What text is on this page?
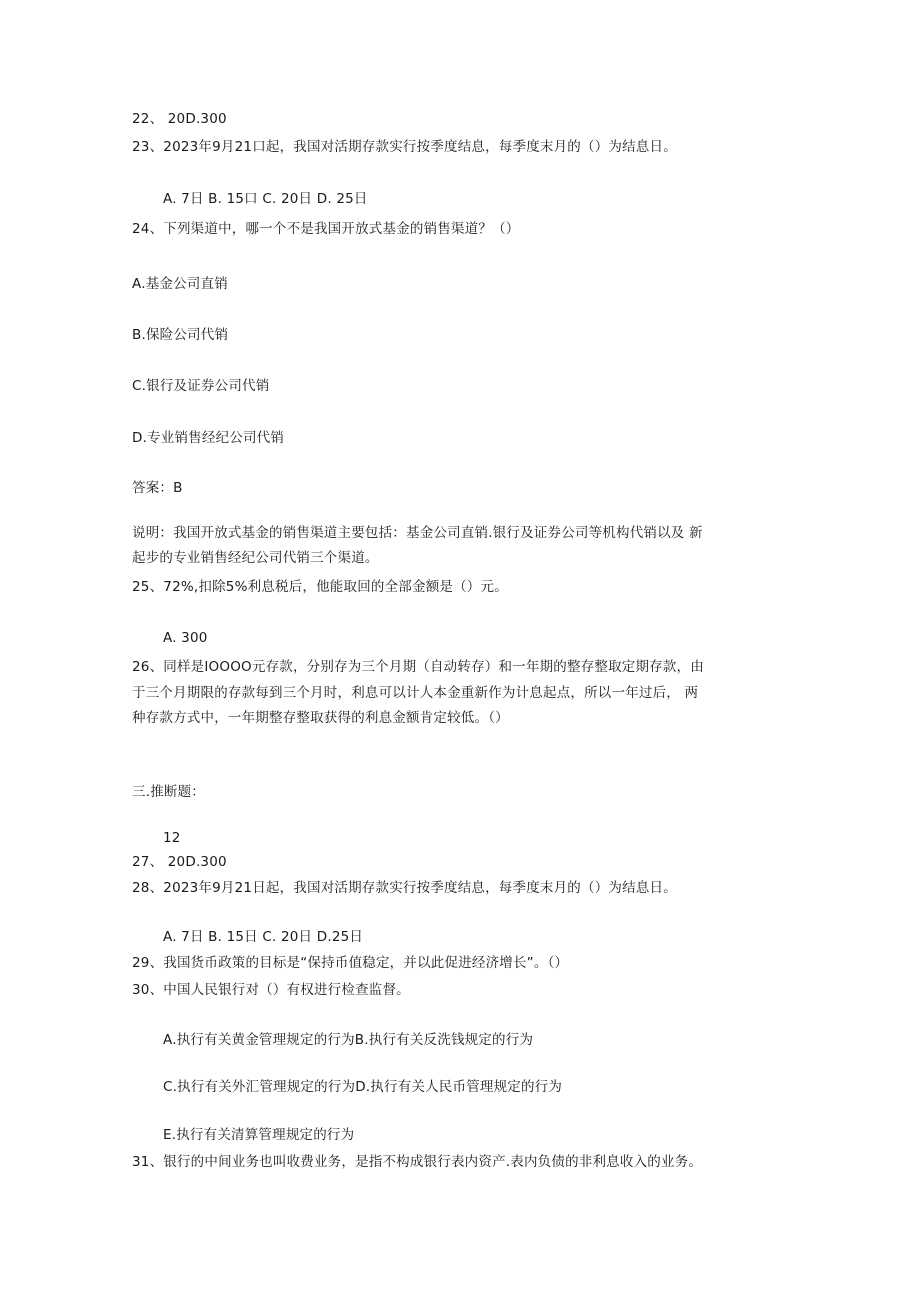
22、 20D.300
23、2023年9月21口起，我国对活期存款实行按季度结息，每季度末月的（）为结息日。
A. 7日 B. 15口 C. 20日 D. 25日
24、下列渠道中，哪一个不是我国开放式基金的销售渠道？（）
A.基金公司直销
B.保险公司代销
C.银行及证券公司代销
D.专业销售经纪公司代销
答案：B
说明：我国开放式基金的销售渠道主要包括：基金公司直销.银行及证券公司等机构代销以及 新
起步的专业销售经纪公司代销三个渠道。
25、72%,扣除5%利息税后，他能取回的全部金额是（）元。
A. 300
26、同样是IOOOO元存款，分别存为三个月期（自动转存）和一年期的整存整取定期存款，由
于三个月期限的存款每到三个月时，利息可以计人本金重新作为计息起点，所以一年过后， 两
种存款方式中，一年期整存整取获得的利息金额肯定较低。（）
三.推断题：
12
27、 20D.300
28、2023年9月21日起，我国对活期存款实行按季度结息，每季度末月的（）为结息日。
A. 7日 B. 15日 C. 20日 D.25日
29、我国货币政策的目标是“保持币值稳定，并以此促进经济增长”。（）
30、中国人民银行对（）有权进行检查监督。
A.执行有关黄金管理规定的行为B.执行有关反洗钱规定的行为
C.执行有关外汇管理规定的行为D.执行有关人民币管理规定的行为
E.执行有关清算管理规定的行为
31、银行的中间业务也叫收费业务，是指不构成银行表内资产.表内负债的非利息收入的业务。
